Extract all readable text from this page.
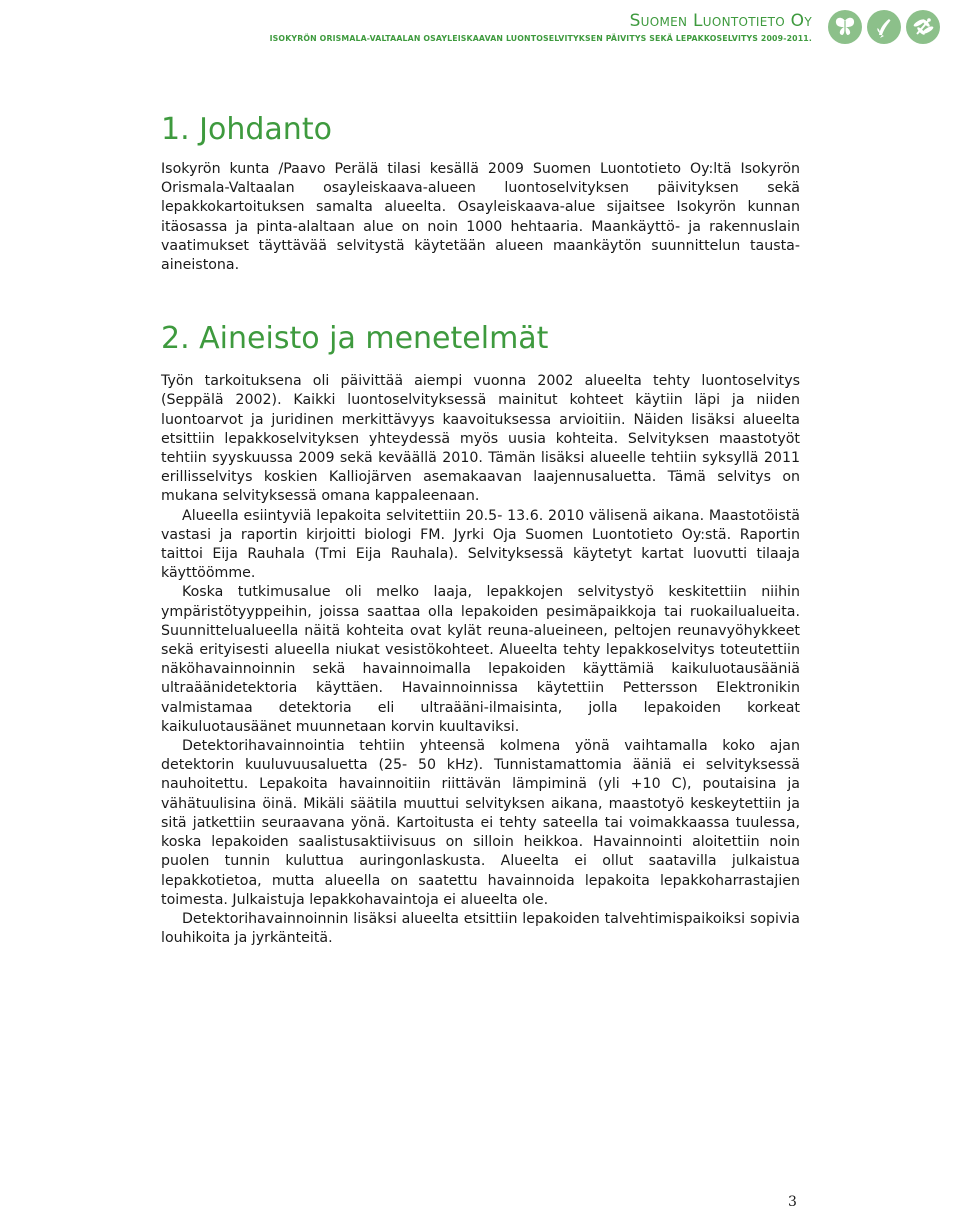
Suomen Luontotieto Oy
ISOKYRÖN ORISMALA-VALTAALAN OSAYLEISKAAVAN LUONTOSELVITYKSEN PÄIVITYS SEKÄ LEPAKKOSELVITYS 2009-2011.
1. Johdanto

Isokyrön kunta /Paavo Perälä tilasi kesällä 2009 Suomen Luontotieto Oy:ltä Isokyrön Orismala-Valtaalan osayleiskaava-alueen luontoselvityksen päivityksen sekä lepakkokartoituksen samalta alueelta. Osayleiskaava-alue sijaitsee Isokyrön kunnan itäosassa ja pinta-alaltaan alue on noin 1000 hehtaaria. Maankäyttö- ja rakennuslain vaatimukset täyttävää selvitystä käytetään alueen maankäytön suunnittelun tausta-aineistona.

2. Aineisto ja menetelmät

Työn tarkoituksena oli päivittää aiempi vuonna 2002 alueelta tehty luontoselvitys (Seppälä 2002). Kaikki luontoselvityksessä mainitut kohteet käytiin läpi ja niiden luontoarvot ja juridinen merkittävyys kaavoituksessa arvioitiin. Näiden lisäksi alueelta etsittiin lepakkoselvityksen yhteydessä myös uusia kohteita. Selvityksen maastotyöt tehtiin syyskuussa 2009 sekä keväällä 2010. Tämän lisäksi alueelle tehtiin syksyllä 2011 erillisselvitys koskien Kalliojärven asemakaavan laajennusaluetta. Tämä selvitys on mukana selvityksessä omana kappaleenaan.

Alueella esiintyviä lepakoita selvitettiin 20.5- 13.6. 2010 välisenä aikana. Maastotöistä vastasi ja raportin kirjoitti biologi FM. Jyrki Oja Suomen Luontotieto Oy:stä. Raportin taittoi Eija Rauhala (Tmi Eija Rauhala). Selvityksessä käytetyt kartat luovutti tilaaja käyttöömme.

Koska tutkimusalue oli melko laaja, lepakkojen selvitystyö keskitettiin niihin ympäristötyyppeihin, joissa saattaa olla lepakoiden pesimäpaikkoja tai ruokailualueita. Suunnittelualueella näitä kohteita ovat kylät reuna-alueineen, peltojen reunavyöhykkeet sekä erityisesti alueella niukat vesistökohteet. Alueelta tehty lepakkoselvitys toteutettiin näköhavainnoinnin sekä havainnoimalla lepakoiden käyttämiä kaikuluotausääniä ultraäänidetektoria käyttäen. Havainnoinnissa käytettiin Pettersson Elektronikin valmistamaa detektoria eli ultraääni-ilmaisinta, jolla lepakoiden korkeat kaikuluotausäänet muunnetaan korvin kuultaviksi.

Detektorihavainnointia tehtiin yhteensä kolmena yönä vaihtamalla koko ajan detektorin kuuluvuusaluetta (25- 50 kHz). Tunnistamattomia ääniä ei selvityksessä nauhoitettu. Lepakoita havainnoitiin riittävän lämpiminä (yli +10 C), poutaisina ja vähätuulisina öinä. Mikäli säätila muuttui selvityksen aikana, maastotyö keskeytettiin ja sitä jatkettiin seuraavana yönä. Kartoitusta ei tehty sateella tai voimakkaassa tuulessa, koska lepakoiden saalistusaktiivisuus on silloin heikkoa. Havainnointi aloitettiin noin puolen tunnin kuluttua auringonlaskusta. Alueelta ei ollut saatavilla julkaistua lepakkotietoa, mutta alueella on saatettu havainnoida lepakoita lepakkoharrastajien toimesta. Julkaistuja lepakkohavaintoja ei alueelta ole.

Detektorihavainnoinnin lisäksi alueelta etsittiin lepakoiden talvehtimispaikoiksi sopivia louhikoita ja jyrkänteitä.

3
